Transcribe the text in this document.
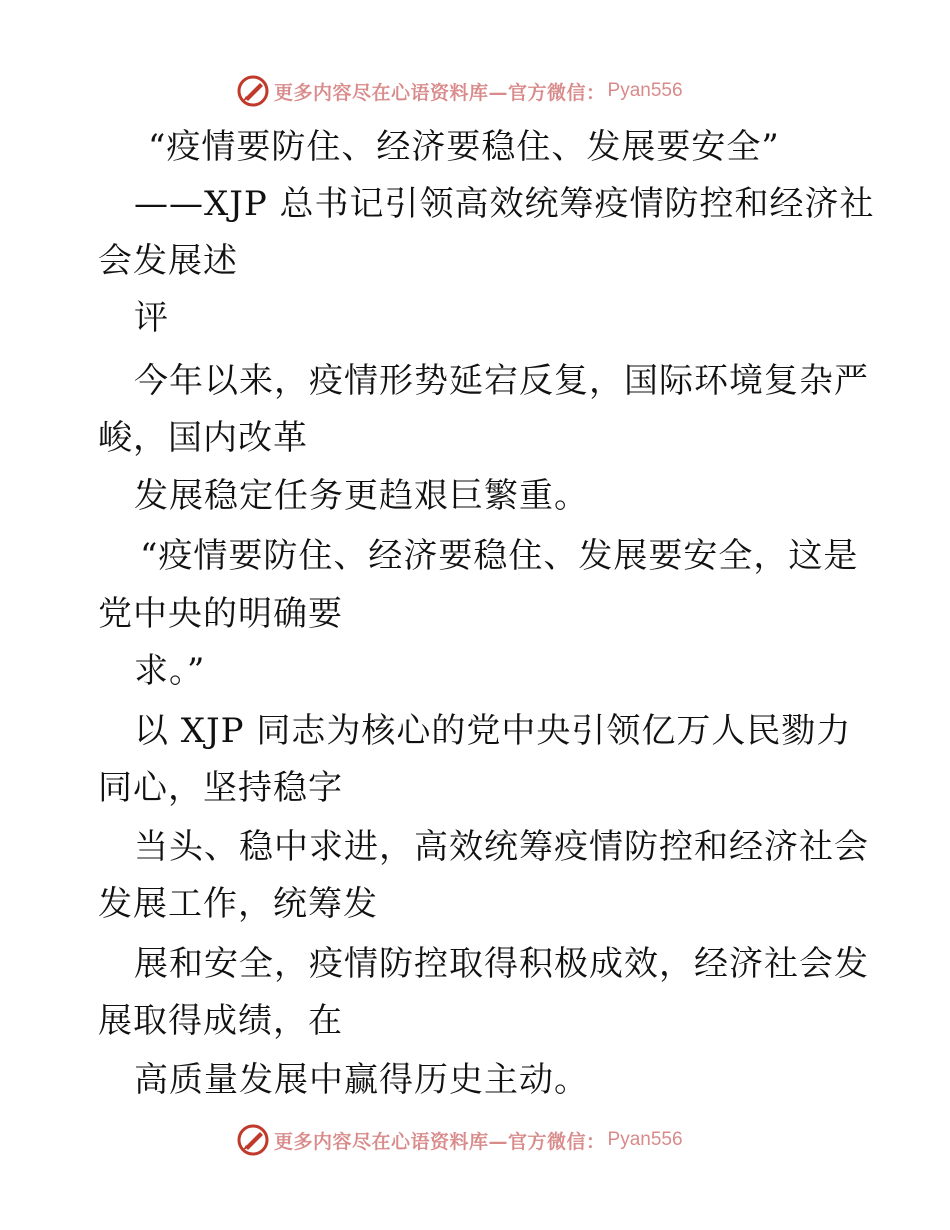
更多内容尽在心语资料库—官方微信： Pyan556
“疫情要防住、经济要稳住、发展要安全”
——XJP 总书记引领高效统筹疫情防控和经济社
会发展述
评
今年以来，疫情形势延宕反复，国际环境复杂严
峻，国内改革
发展稳定任务更趋艰巨繁重。
“疫情要防住、经济要稳住、发展要安全，这是
党中央的明确要
求。”
以 XJP 同志为核心的党中央引领亿万人民勠力
同心，坚持稳字
当头、稳中求进，高效统筹疫情防控和经济社会
发展工作，统筹发
展和安全，疫情防控取得积极成效，经济社会发
展取得成绩，在
高质量发展中赢得历史主动。
更多内容尽在心语资料库—官方微信： Pyan556
